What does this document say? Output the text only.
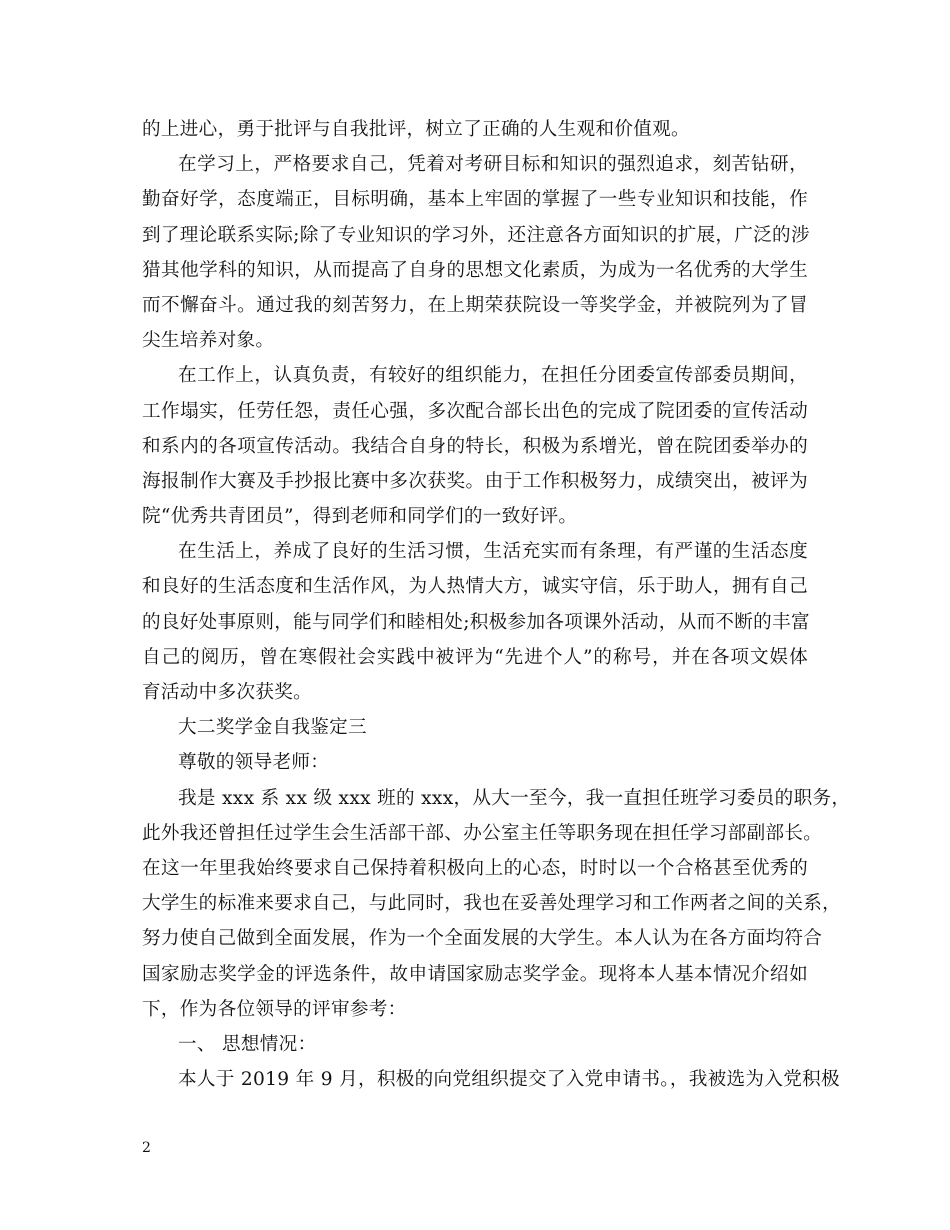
的上进心，勇于批评与自我批评，树立了正确的人生观和价值观。
在学习上，严格要求自己，凭着对考研目标和知识的强烈追求，刻苦钻研，
勤奋好学，态度端正，目标明确，基本上牢固的掌握了一些专业知识和技能，作
到了理论联系实际;除了专业知识的学习外，还注意各方面知识的扩展，广泛的涉
猎其他学科的知识，从而提高了自身的思想文化素质，为成为一名优秀的大学生
而不懈奋斗。通过我的刻苦努力，在上期荣获院设一等奖学金，并被院列为了冒
尖生培养对象。
在工作上，认真负责，有较好的组织能力，在担任分团委宣传部委员期间，
工作塌实，任劳任怨，责任心强，多次配合部长出色的完成了院团委的宣传活动
和系内的各项宣传活动。我结合自身的特长，积极为系增光，曾在院团委举办的
海报制作大赛及手抄报比赛中多次获奖。由于工作积极努力，成绩突出，被评为
院“优秀共青团员”，得到老师和同学们的一致好评。
在生活上，养成了良好的生活习惯，生活充实而有条理，有严谨的生活态度
和良好的生活态度和生活作风，为人热情大方，诚实守信，乐于助人，拥有自己
的良好处事原则，能与同学们和睦相处;积极参加各项课外活动，从而不断的丰富
自己的阅历，曾在寒假社会实践中被评为“先进个人”的称号，并在各项文娱体
育活动中多次获奖。
大二奖学金自我鉴定三
尊敬的领导老师：
我是 xxx 系 xx 级 xxx 班的 xxx，从大一至今，我一直担任班学习委员的职务，
此外我还曾担任过学生会生活部干部、办公室主任等职务现在担任学习部副部长。
在这一年里我始终要求自己保持着积极向上的心态，时时以一个合格甚至优秀的
大学生的标准来要求自己，与此同时，我也在妥善处理学习和工作两者之间的关系，
努力使自己做到全面发展，作为一个全面发展的大学生。本人认为在各方面均符合
国家励志奖学金的评选条件，故申请国家励志奖学金。现将本人基本情况介绍如
下，作为各位领导的评审参考：
一、 思想情况：
本人于 2019 年 9 月，积极的向党组织提交了入党申请书。，我被选为入党积极
2
